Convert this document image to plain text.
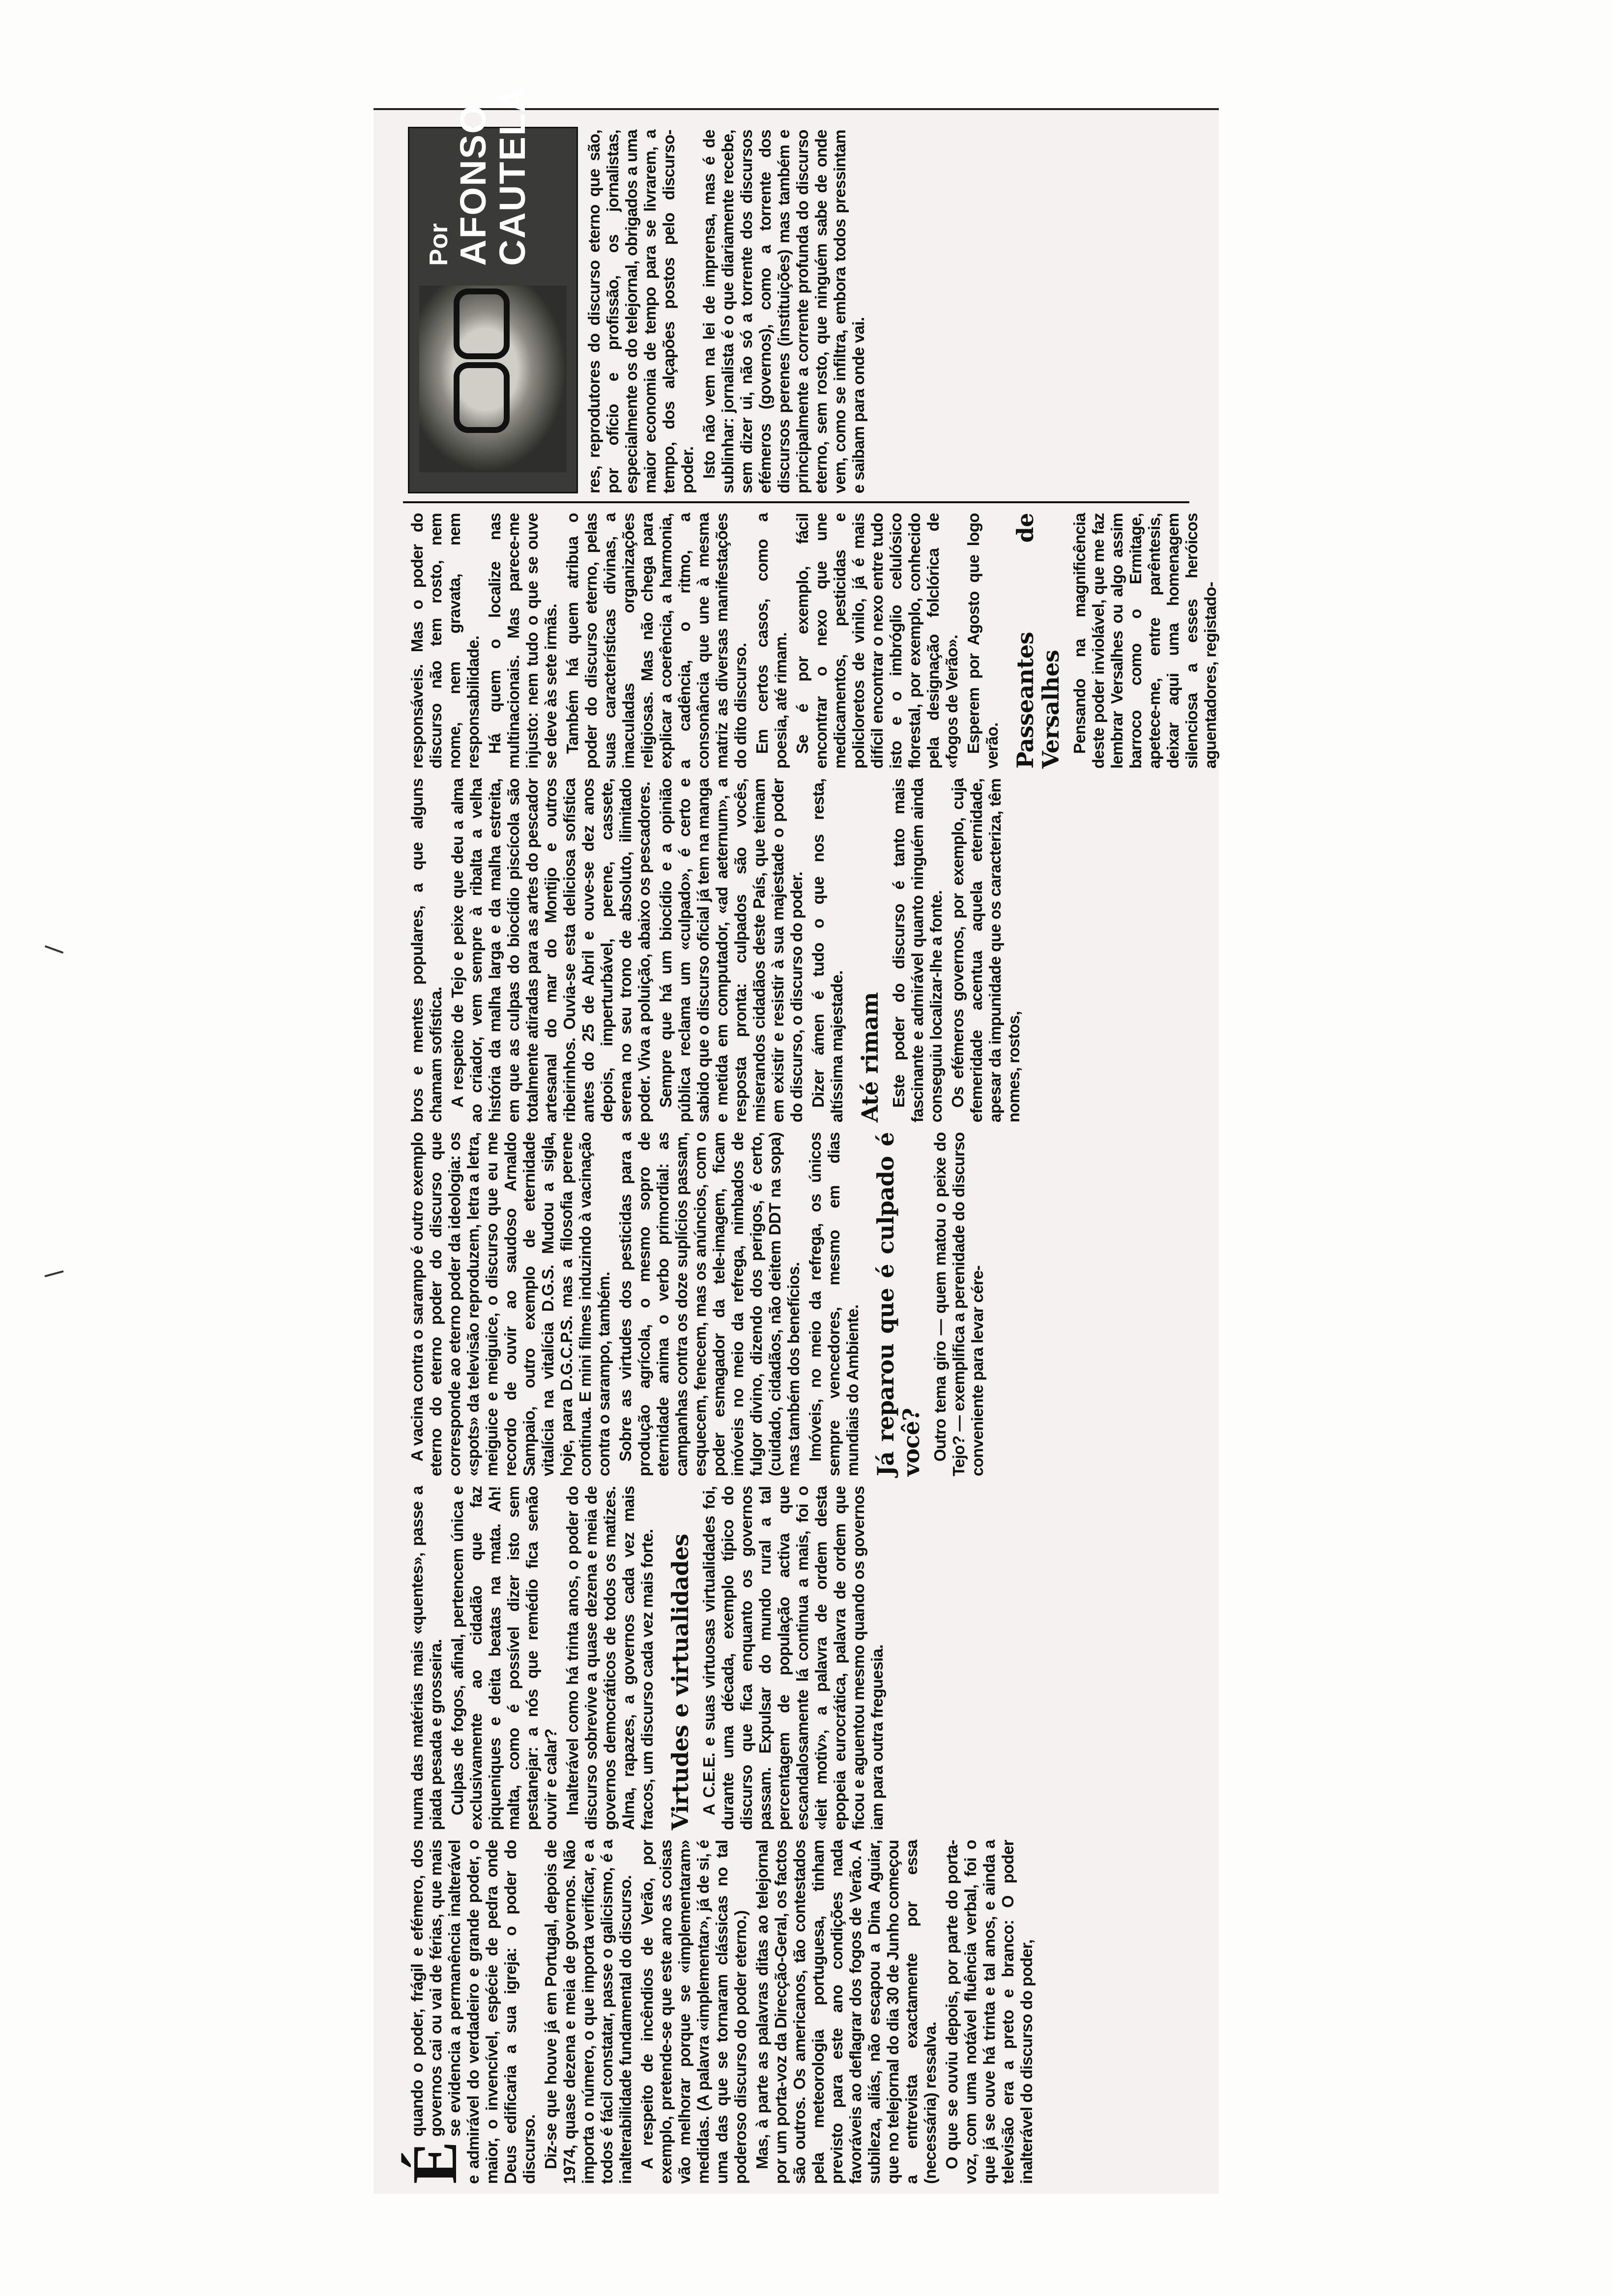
É
quando o poder, frágil e efémero, dos governos cai ou vai de férias, que mais se evidencia a permanência inalterável e admirável do verdadeiro e grande poder, o maior, o invencível, espécie de pedra onde Deus edificaria a sua igreja: o poder do discurso. Diz-se que houve já em Portugal, depois de 1974, quase dezena e meia de governos. Não importa o número, o que importa verificar, e a todos é fácil constatar, passe o galicismo, é a inalterabilidade fundamental do discurso. A respeito de incêndios de Verão, por exemplo, pretende-se que este ano as coisas vão melhorar porque se «implementaram» medidas. (A palavra «implementar», já de si, é uma das que se tornaram clássicas no tal poderoso discurso do poder eterno.) Mas, à parte as palavras ditas ao telejornal por um porta-voz da Direcção-Geral, os factos são outros. Os americanos, tão contestados pela meteorologia portuguesa, tinham previsto para este ano condições nada favoráveis ao deflagrar dos fogos de Verão. A subileza, aliás, não escapou a Dina Aguiar, que no telejornal do dia 30 de Junho começou a entrevista exactamente por essa (necessária) ressalva. O que se ouviu depois, por parte do porta-voz, com uma notável fluência verbal, foi o que já se ouve há trinta e tal anos, e ainda a televisão era a preto e branco: O poder inalterável do discurso do poder,

numa das matérias mais «quentes», passe a piada pesada e grosseira. Culpas de fogos, afinal, pertencem única e exclusivamente ao cidadão que faz piqueniques e deita beatas na mata. Ah! malta, como é possível dizer isto sem pestanejar: a nós que remédio fica senão ouvir e calar? Inalterável como há trinta anos, o poder do discurso sobrevive a quase dezena e meia de governos democráticos de todos os matizes. Alma, rapazes, a governos cada vez mais fracos, um discurso cada vez mais forte. Virtudes e virtualidades A C.E.E. e suas virtuosas virtualidades foi, durante uma década, exemplo típico do discurso que fica enquanto os governos passam. Expulsar do mundo rural a tal percentagem de população activa que escandalosamente lá continua a mais, foi o «leit motiv», a palavra de ordem desta epopeia eurocrática, palavra de ordem que ficou e aguentou mesmo quando os governos iam para outra freguesia.

A vacina contra o sarampo é outro exemplo eterno do eterno poder do discurso que corresponde ao eterno poder da ideologia: os «spots» da televisão reproduzem, letra a letra, meiguice e meiguice, o discurso que eu me recordo de ouvir ao saudoso Arnaldo Sampaio, outro exemplo de eternidade vitalícia na vitalícia D.G.S. Mudou a sigla, hoje, para D.G.C.P.S. mas a filosofia perene continua. E mini filmes induzindo à vacinação contra o sarampo, também. Sobre as virtudes dos pesticidas para a produção agrícola, o mesmo sopro de eternidade anima o verbo primordial: as campanhas contra os doze suplícios passam, esquecem, fenecem, mas os anúncios, com o poder esmagador da tele-imagem, ficam imóveis no meio da refrega, nimbados de fulgor divino, dizendo dos perigos, é certo, (cuidado, cidadãos, não deitem DDT na sopa) mas também dos benefícios. Imóveis, no meio da refrega, os únicos sempre vencedores, mesmo em dias mundiais do Ambiente. Já reparou que é culpado é você? Outro tema giro — quem matou o peixe do Tejo? — exemplifica a perenidade do discurso conveniente para levar cére-

bros e mentes populares, a que alguns chamam sofística. A respeito de Tejo e peixe que deu a alma ao criador, vem sempre à ribalta a velha história da malha larga e da malha estreita, em que as culpas do biocídio piscícola são totalmente atiradas para as artes do pescador artesanal do mar do Montijo e outros ribeirinhos. Ouvia-se esta deliciosa sofística antes do 25 de Abril e ouve-se dez anos depois, imperturbável, perene, cassete, serena no seu trono de absoluto, ilimitado poder. Viva a poluição, abaixo os pescadores. Sempre que há um biocídio e a opinião pública reclama um «culpado», é certo e sabido que o discurso oficial já tem na manga e metida em computador, «ad aeternum», a resposta pronta: culpados são vocês, miserandos cidadãos deste País, que teimam em existir e resistir à sua majestade o poder do discurso, o discurso do poder. Dizer ámen é tudo o que nos resta, altíssima majestade. Até rimam Este poder do discurso é tanto mais fascinante e admirável quanto ninguém ainda conseguiu localizar-lhe a fonte. Os efémeros governos, por exemplo, cuja efemeridade acentua aquela eternidade, apesar da impunidade que os caracteriza, têm nomes, rostos,

responsáveis. Mas o poder do discurso não tem rosto, nem nome, nem gravata, nem responsabilidade. Há quem o localize nas multinacionais. Mas parece-me injusto: nem tudo o que se ouve se deve às sete irmãs. Também há quem atribua o poder do discurso eterno, pelas suas características divinas, a imaculadas organizações religiosas. Mas não chega para explicar a coerência, a harmonia, a cadência, o ritmo, a consonância que une à mesma matriz as diversas manifestações do dito discurso. Em certos casos, como a poesia, até rimam. Se é por exemplo, fácil encontrar o nexo que une medicamentos, pesticidas e policloretos de vinilo, já é mais difícil encontrar o nexo entre tudo isto e o imbróglio celulósico florestal, por exemplo, conhecido pela designação folclórica de «fogos de Verão». Esperem por Agosto que logo verão. Passeantes de Versalhes Pensando na magnificência deste poder inviolável, que me faz lembrar Versalhes ou algo assim barroco como o Ermitage, apetece-me, entre parêntesis, deixar aqui uma homenagem silenciosa a esses heróicos aguentadores, registado-

Por AFONSO CAUTELA	res, reprodutores do discurso eterno que são, por ofício e profissão, os jornalistas, especialmente os do telejornal, obrigados a uma maior economia de tempo para se livrarem, a tempo, dos alçapões postos pelo discurso-poder. Isto não vem na lei de imprensa, mas é de sublinhar: jornalista é o que diariamente recebe, sem dizer ui, não só a torrente dos discursos efémeros (governos), como a torrente dos discursos perenes (instituições) mas também e principalmente a corrente profunda do discurso eterno, sem rosto, que ninguém sabe de onde vem, como se infiltra, embora todos pressintam e saibam para onde vai.
